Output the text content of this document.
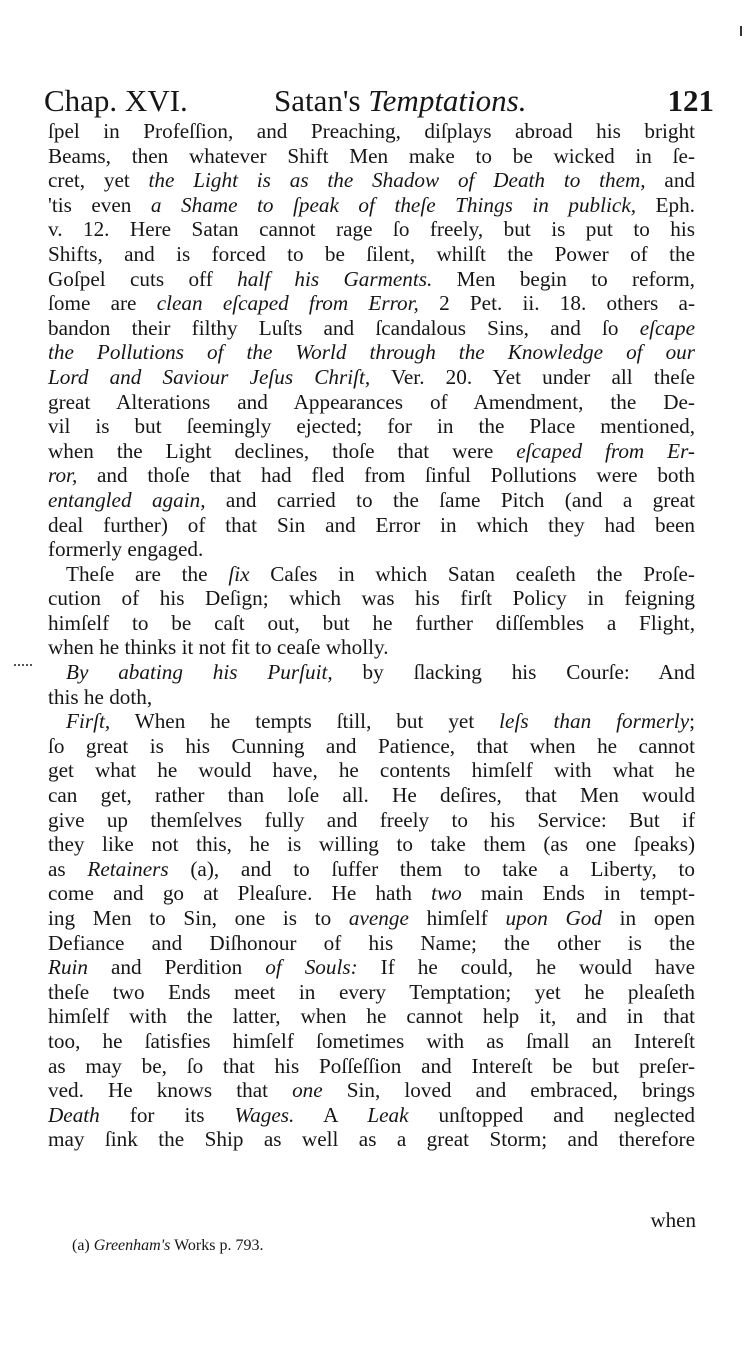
Chap. XVI.	Satan's Temptations.	121
ſpel in Profeſſion, and Preaching, diſplays abroad his bright
Beams, then whatever Shift Men make to be wicked in ſe-
cret, yet the Light is as the Shadow of Death to them, and
'tis even a Shame to ſpeak of theſe Things in publick, Eph.
v. 12. Here Satan cannot rage ſo freely, but is put to his
Shifts, and is forced to be ſilent, whilſt the Power of the
Goſpel cuts off half his Garments. Men begin to reform,
ſome are clean eſcaped from Error, 2 Pet. ii. 18. others a-
bandon their filthy Luſts and ſcandalous Sins, and ſo eſcape
the Pollutions of the World through the Knowledge of our
Lord and Saviour Jeſus Chriſt, Ver. 20. Yet under all theſe
great Alterations and Appearances of Amendment, the De-
vil is but ſeemingly ejected; for in the Place mentioned,
when the Light declines, thoſe that were eſcaped from Er-
ror, and thoſe that had fled from ſinful Pollutions were both
entangled again, and carried to the ſame Pitch (and a great
deal further) of that Sin and Error in which they had been
formerly engaged.
Theſe are the ſix Caſes in which Satan ceaſeth the Proſe-
cution of his Deſign; which was his firſt Policy in feigning
himſelf to be caſt out, but he further diſſembles a Flight,
when he thinks it not fit to ceaſe wholly.
By abating his Purſuit, by ſlacking his Courſe: And
this he doth,
Firſt, When he tempts ſtill, but yet leſs than formerly;
ſo great is his Cunning and Patience, that when he cannot
get what he would have, he contents himſelf with what he
can get, rather than loſe all. He deſires, that Men would
give up themſelves fully and freely to his Service: But if
they like not this, he is willing to take them (as one ſpeaks)
as Retainers (a), and to ſuffer them to take a Liberty, to
come and go at Pleaſure. He hath two main Ends in tempt-
ing Men to Sin, one is to avenge himſelf upon God in open
Defiance and Diſhonour of his Name; the other is the
Ruin and Perdition of Souls: If he could, he would have
theſe two Ends meet in every Temptation; yet he pleaſeth
himſelf with the latter, when he cannot help it, and in that
too, he ſatisfies himſelf ſometimes with as ſmall an Intereſt
as may be, ſo that his Poſſeſſion and Intereſt be but preſer-
ved. He knows that one Sin, loved and embraced, brings
Death for its Wages. A Leak unſtopped and neglected
may ſink the Ship as well as a great Storm; and therefore
when
(a) Greenham's Works p. 793.
